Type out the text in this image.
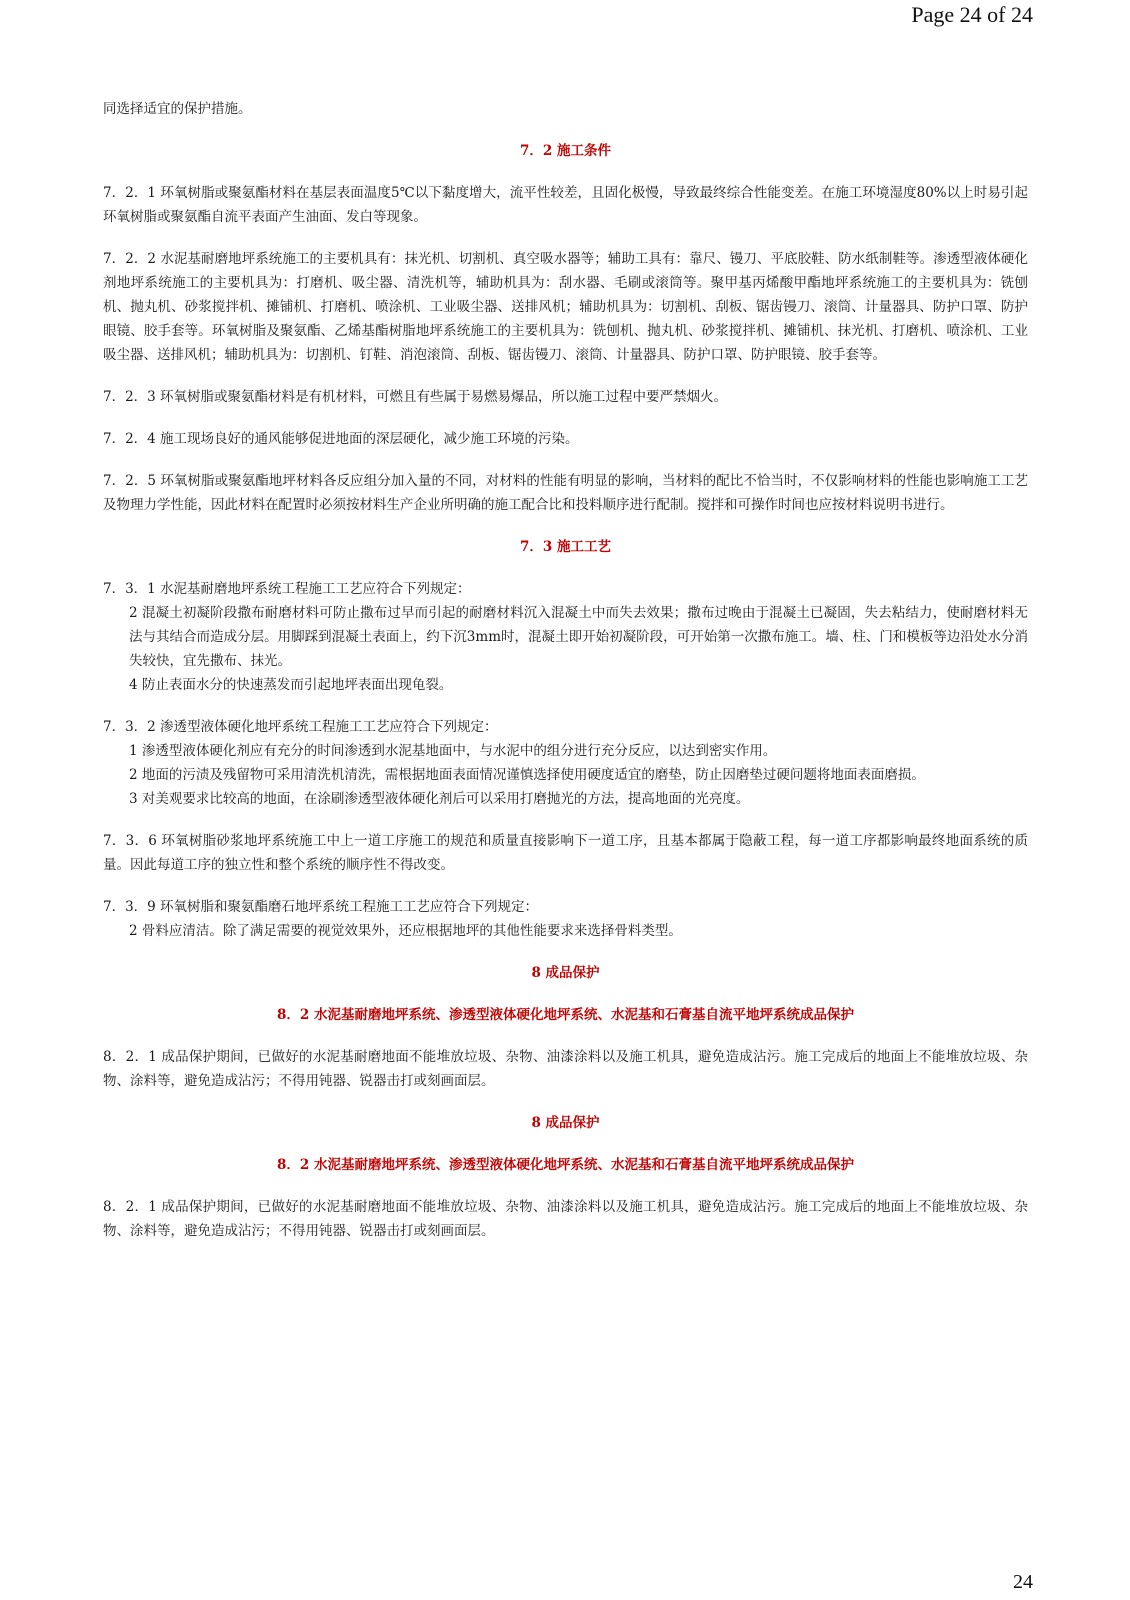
Page 24 of 24

同选择适宜的保护措施。

7．2 施工条件

7．2．1 环氧树脂或聚氨酯材料在基层表面温度5℃以下黏度增大，流平性较差，且固化极慢，导致最终综合性能变差。在施工环境湿度80%以上时易引起环氧树脂或聚氨酯自流平表面产生油面、发白等现象。

7．2．2 水泥基耐磨地坪系统施工的主要机具有：抹光机、切割机、真空吸水器等；辅助工具有：靠尺、镘刀、平底胶鞋、防水纸制鞋等。渗透型液体硬化剂地坪系统施工的主要机具为：打磨机、吸尘器、清洗机等，辅助机具为：刮水器、毛刷或滚筒等。聚甲基丙烯酸甲酯地坪系统施工的主要机具为：铣刨机、抛丸机、砂浆搅拌机、摊铺机、打磨机、喷涂机、工业吸尘器、送排风机；辅助机具为：切割机、刮板、锯齿镘刀、滚筒、计量器具、防护口罩、防护眼镜、胶手套等。环氧树脂及聚氨酯、乙烯基酯树脂地坪系统施工的主要机具为：铣刨机、抛丸机、砂浆搅拌机、摊铺机、抹光机、打磨机、喷涂机、工业吸尘器、送排风机；辅助机具为：切割机、钉鞋、消泡滚筒、刮板、锯齿镘刀、滚筒、计量器具、防护口罩、防护眼镜、胶手套等。

7．2．3 环氧树脂或聚氨酯材料是有机材料，可燃且有些属于易燃易爆品，所以施工过程中要严禁烟火。

7．2．4 施工现场良好的通风能够促进地面的深层硬化，减少施工环境的污染。

7．2．5 环氧树脂或聚氨酯地坪材料各反应组分加入量的不同，对材料的性能有明显的影响，当材料的配比不恰当时，不仅影响材料的性能也影响施工工艺及物理力学性能，因此材料在配置时必须按材料生产企业所明确的施工配合比和投料顺序进行配制。搅拌和可操作时间也应按材料说明书进行。

7．3 施工工艺

7．3．1 水泥基耐磨地坪系统工程施工工艺应符合下列规定：

2 混凝土初凝阶段撒布耐磨材料可防止撒布过早而引起的耐磨材料沉入混凝土中而失去效果；撒布过晚由于混凝土已凝固，失去粘结力，使耐磨材料无法与其结合而造成分层。用脚踩到混凝土表面上，约下沉3mm时，混凝土即开始初凝阶段，可开始第一次撒布施工。墙、柱、门和模板等边沿处水分消失较快，宜先撒布、抹光。

4 防止表面水分的快速蒸发而引起地坪表面出现龟裂。

7．3．2 渗透型液体硬化地坪系统工程施工工艺应符合下列规定：

1 渗透型液体硬化剂应有充分的时间渗透到水泥基地面中，与水泥中的组分进行充分反应，以达到密实作用。

2 地面的污渍及残留物可采用清洗机清洗，需根据地面表面情况谨慎选择使用硬度适宜的磨垫，防止因磨垫过硬问题将地面表面磨损。

3 对美观要求比较高的地面，在涂刷渗透型液体硬化剂后可以采用打磨抛光的方法，提高地面的光亮度。

7．3．6 环氧树脂砂浆地坪系统施工中上一道工序施工的规范和质量直接影响下一道工序，且基本都属于隐蔽工程，每一道工序都影响最终地面系统的质量。因此每道工序的独立性和整个系统的顺序性不得改变。

7．3．9 环氧树脂和聚氨酯磨石地坪系统工程施工工艺应符合下列规定：

2 骨料应清洁。除了满足需要的视觉效果外，还应根据地坪的其他性能要求来选择骨料类型。

8 成品保护
8．2 水泥基耐磨地坪系统、渗透型液体硬化地坪系统、水泥基和石膏基自流平地坪系统成品保护

8．2．1 成品保护期间，已做好的水泥基耐磨地面不能堆放垃圾、杂物、油漆涂料以及施工机具，避免造成沾污。施工完成后的地面上不能堆放垃圾、杂物、涂料等，避免造成沾污；不得用钝器、锐器击打或刻画面层。

8 成品保护
8．2 水泥基耐磨地坪系统、渗透型液体硬化地坪系统、水泥基和石膏基自流平地坪系统成品保护

8．2．1 成品保护期间，已做好的水泥基耐磨地面不能堆放垃圾、杂物、油漆涂料以及施工机具，避免造成沾污。施工完成后的地面上不能堆放垃圾、杂物、涂料等，避免造成沾污；不得用钝器、锐器击打或刻画面层。

24
